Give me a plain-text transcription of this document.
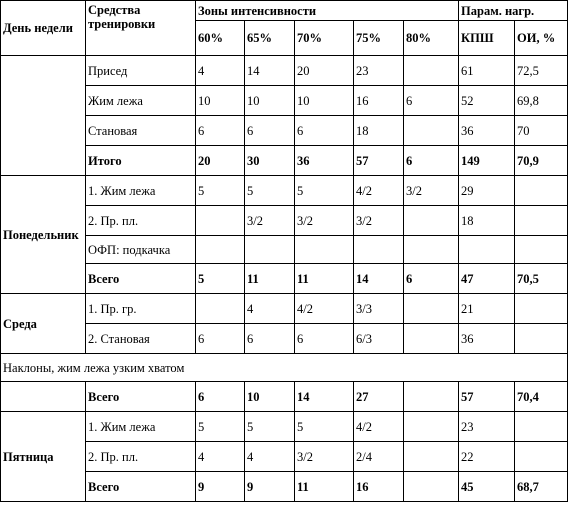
День недели	Средства тренировки	Зоны интенсивности					Парам. нагр.	
		60%	65%	70%	75%	80%	КПШ	ОИ, %
	Присед	4	14	20	23		61	72,5
	Жим лежа	10	10	10	16	6	52	69,8
	Становая	6	6	6	18		36	70
	Итого	20	30	36	57	6	149	70,9
Понедельник	1. Жим лежа	5	5	5	4/2	3/2	29	
	2. Пр. пл.		3/2	3/2	3/2		18	
	ОФП: подкачка							
	Всего	5	11	11	14	6	47	70,5
Среда	1. Пр. гр.		4	4/2	3/3		21	
	2. Становая	6	6	6	6/3		36	
Наклоны, жим лежа узким хватом								
	Всего	6	10	14	27		57	70,4
Пятница	1. Жим лежа	5	5	5	4/2		23	
	2. Пр. пл.	4	4	3/2	2/4		22	
	Всего	9	9	11	16		45	68,7
